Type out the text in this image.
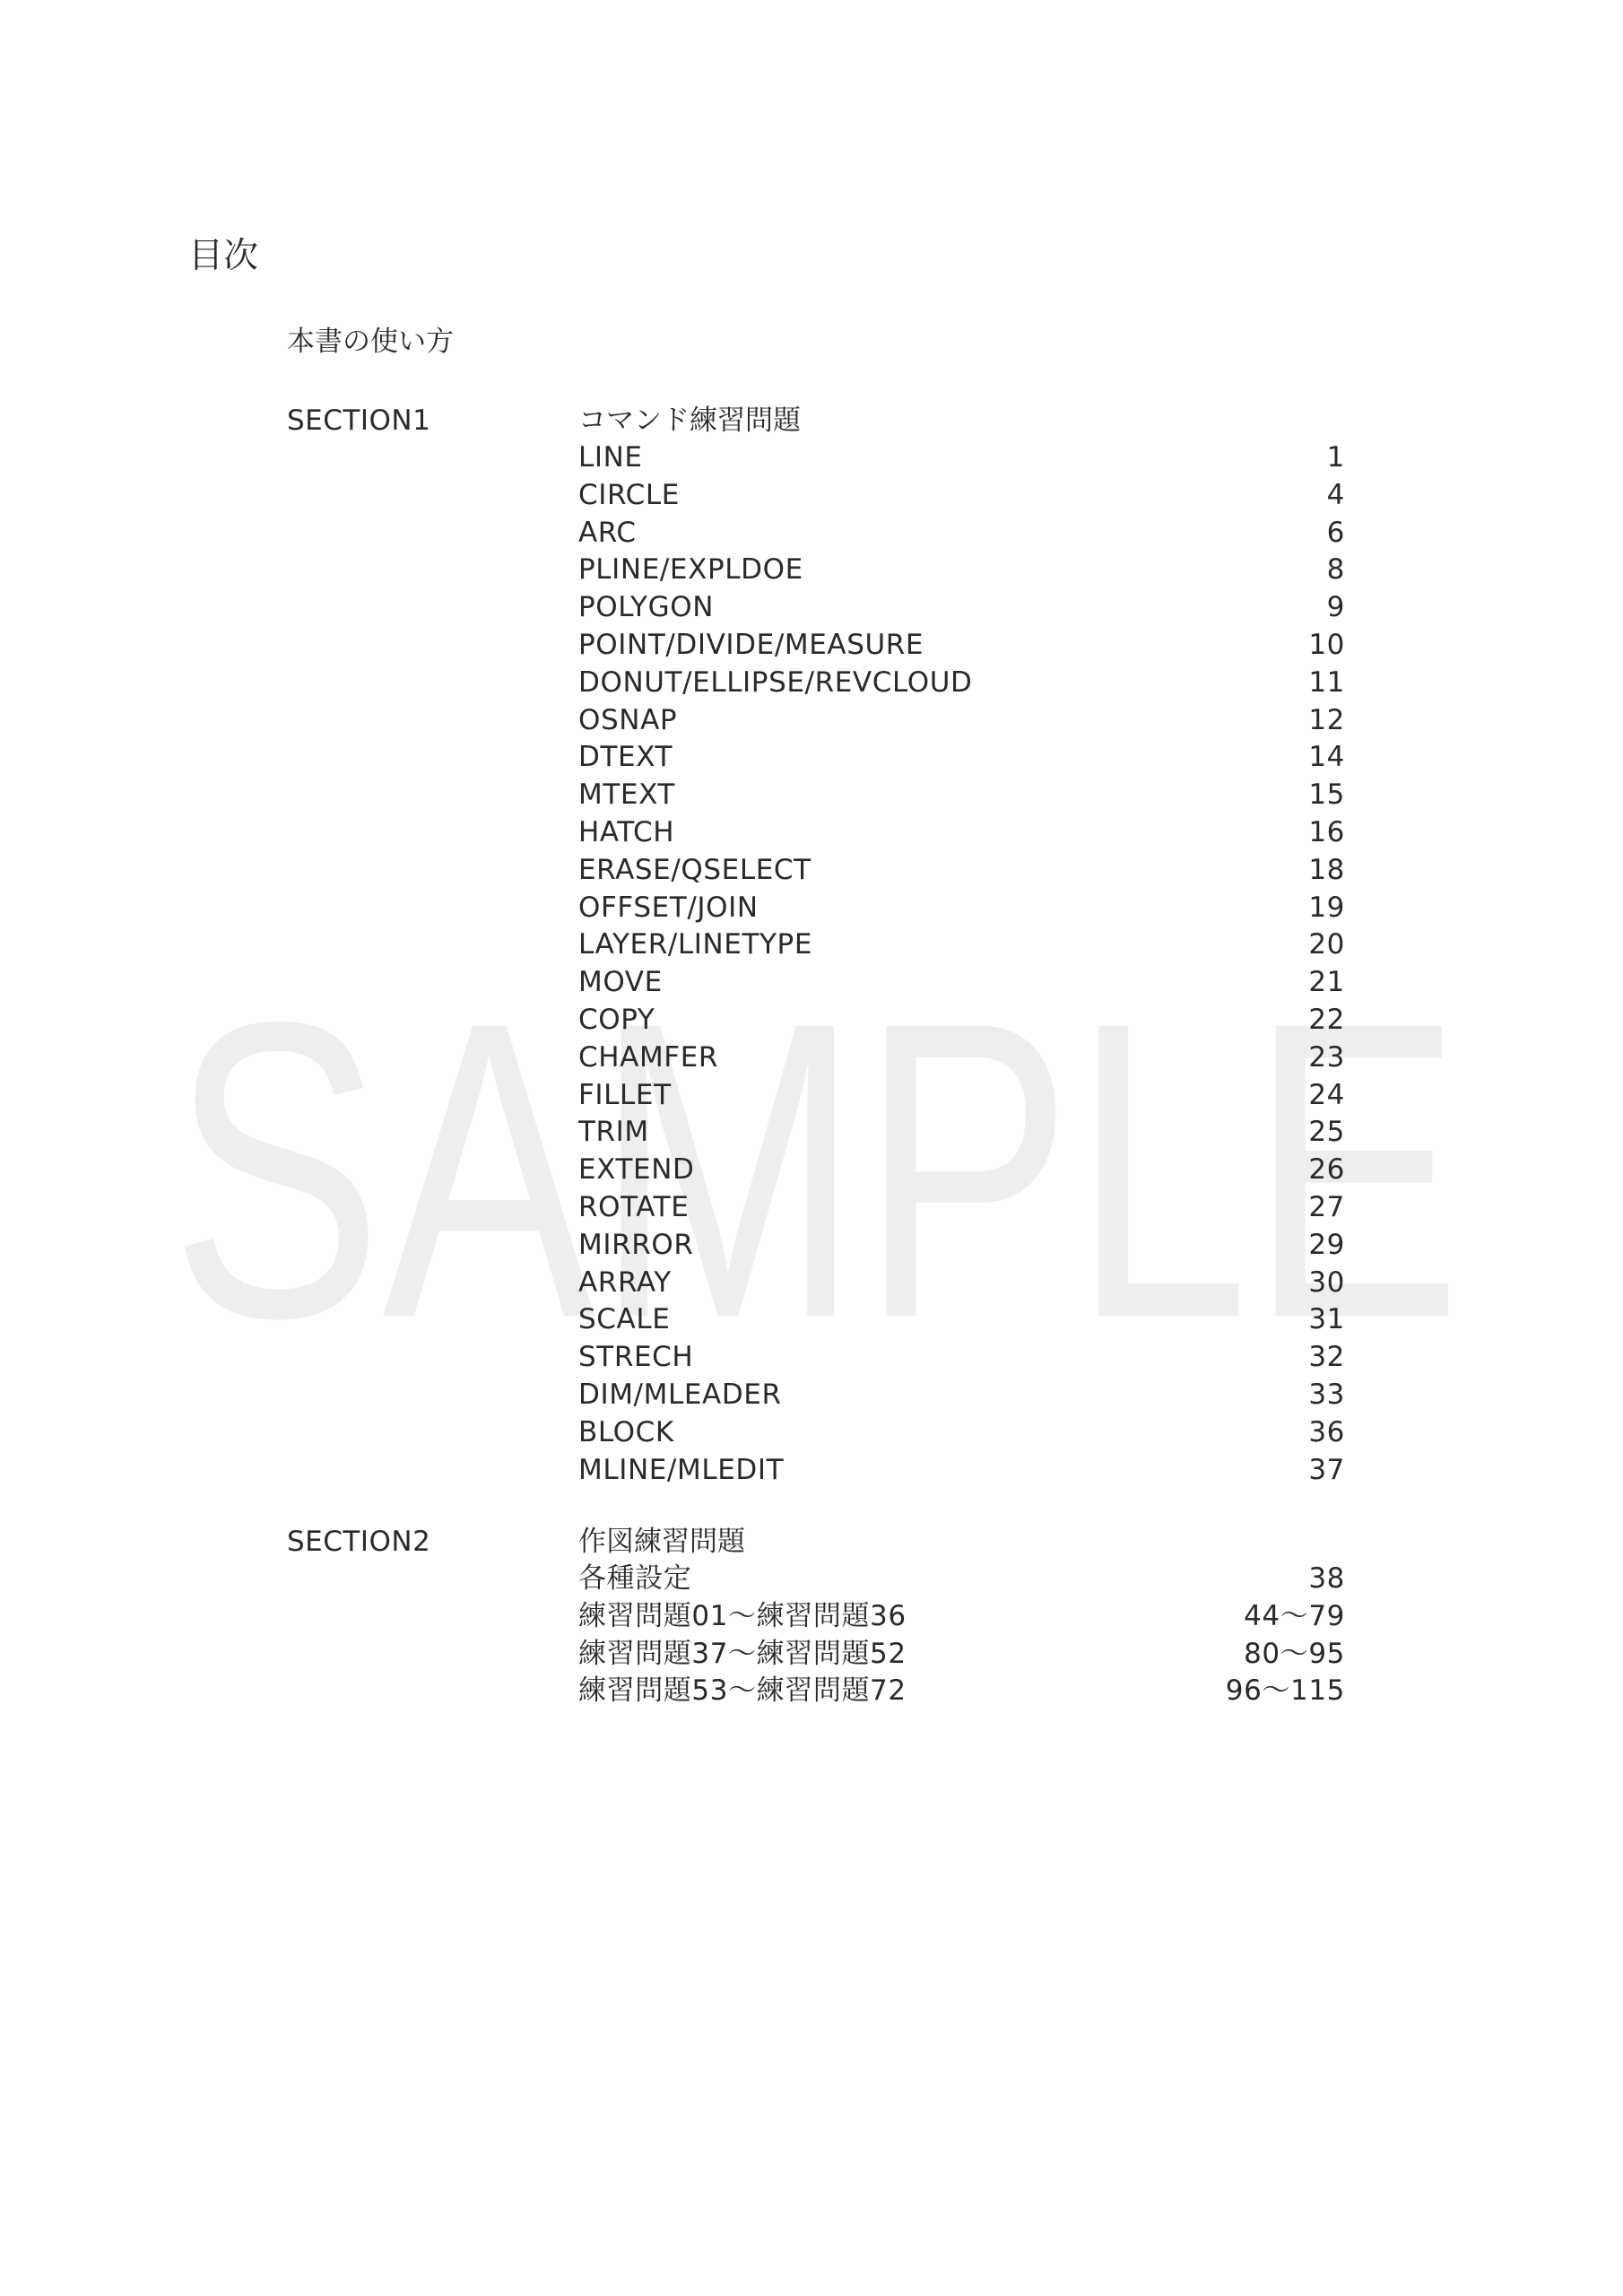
SAMPLE
目次
本書の使い方
SECTION1	コマンド練習問題
LINE	1
CIRCLE	4
ARC	6
PLINE/EXPLDOE	8
POLYGON	9
POINT/DIVIDE/MEASURE	10
DONUT/ELLIPSE/REVCLOUD	11
OSNAP	12
DTEXT	14
MTEXT	15
HATCH	16
ERASE/QSELECT	18
OFFSET/JOIN	19
LAYER/LINETYPE	20
MOVE	21
COPY	22
CHAMFER	23
FILLET	24
TRIM	25
EXTEND	26
ROTATE	27
MIRROR	29
ARRAY	30
SCALE	31
STRECH	32
DIM/MLEADER	33
BLOCK	36
MLINE/MLEDIT	37
SECTION2	作図練習問題
各種設定	38
練習問題01～練習問題36	44～79
練習問題37～練習問題52	80～95
練習問題53～練習問題72	96～115
